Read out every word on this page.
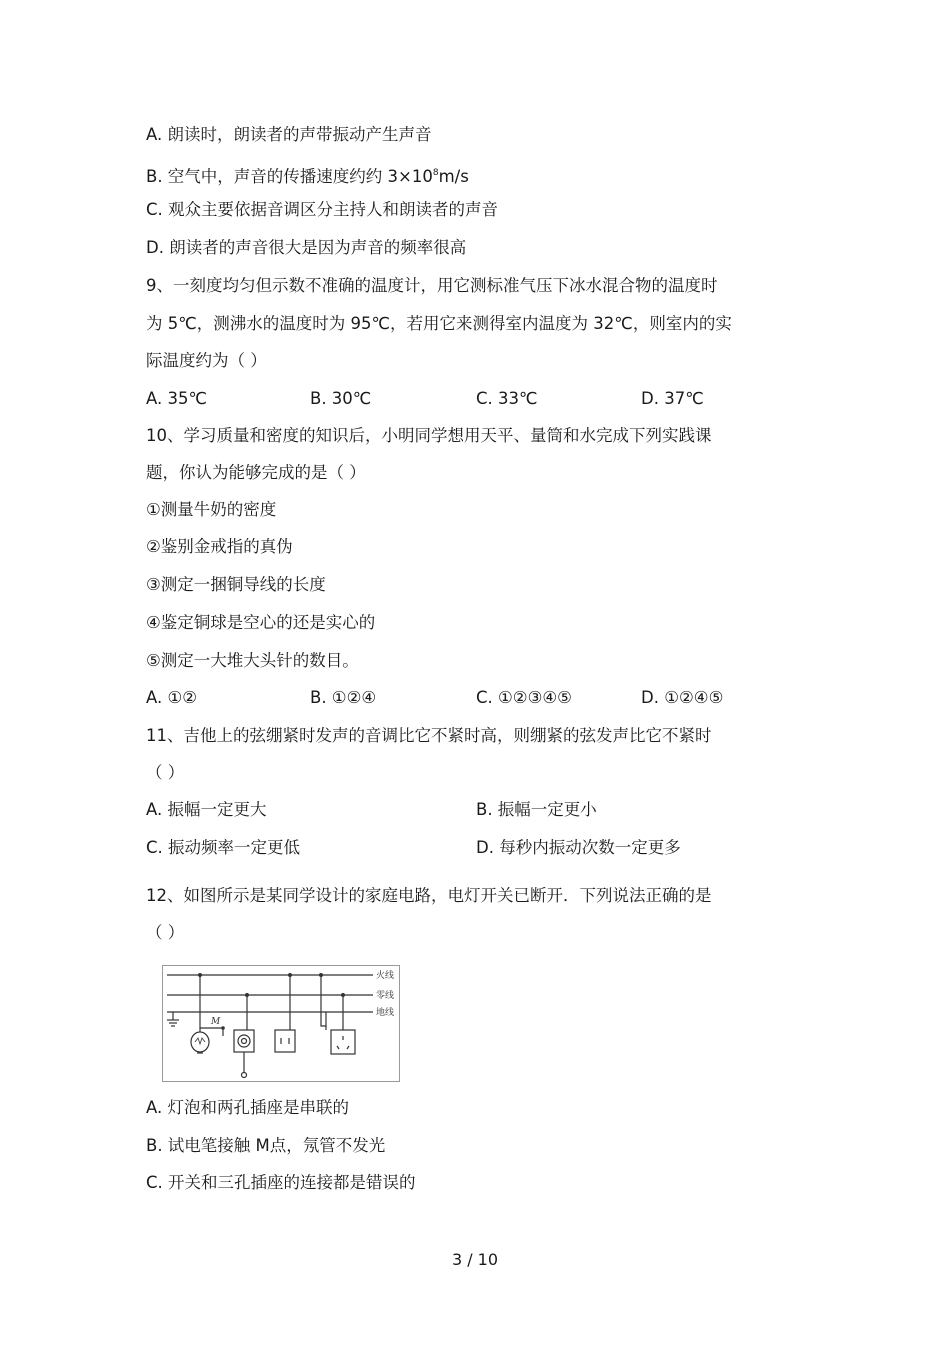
A. 朗读时，朗读者的声带振动产生声音
B. 空气中，声音的传播速度约约 $3\times 10^8m/s$
C. 观众主要依据音调区分主持人和朗读者的声音
D. 朗读者的声音很大是因为声音的频率很高
9、一刻度均匀但示数不准确的温度计，用它测标准气压下冰水混合物的温度时
为 5℃，测沸水的温度时为 95℃，若用它来测得室内温度为 32℃，则室内的实
际温度约为（ ）
A. 35℃	B. 30℃	C. 33℃	D. 37℃
10、学习质量和密度的知识后，小明同学想用天平、量筒和水完成下列实践课
题，你认为能够完成的是（ ）
①测量牛奶的密度
②鉴别金戒指的真伪
③测定一捆铜导线的长度
④鉴定铜球是空心的还是实心的
⑤测定一大堆大头针的数目。
A. ①②	B. ①②④	C. ①②③④⑤	D. ①②④⑤
11、吉他上的弦绷紧时发声的音调比它不紧时高，则绷紧的弦发声比它不紧时
（ ）
A. 振幅一定更大	B. 振幅一定更小
C. 振动频率一定更低	D. 每秒内振动次数一定更多
12、如图所示是某同学设计的家庭电路，电灯开关已断开．下列说法正确的是
（ ）
M
火线
零线
地线
A. 灯泡和两孔插座是串联的
B. 试电笔接触 M点，氖管不发光
C. 开关和三孔插座的连接都是错误的
3 / 10
